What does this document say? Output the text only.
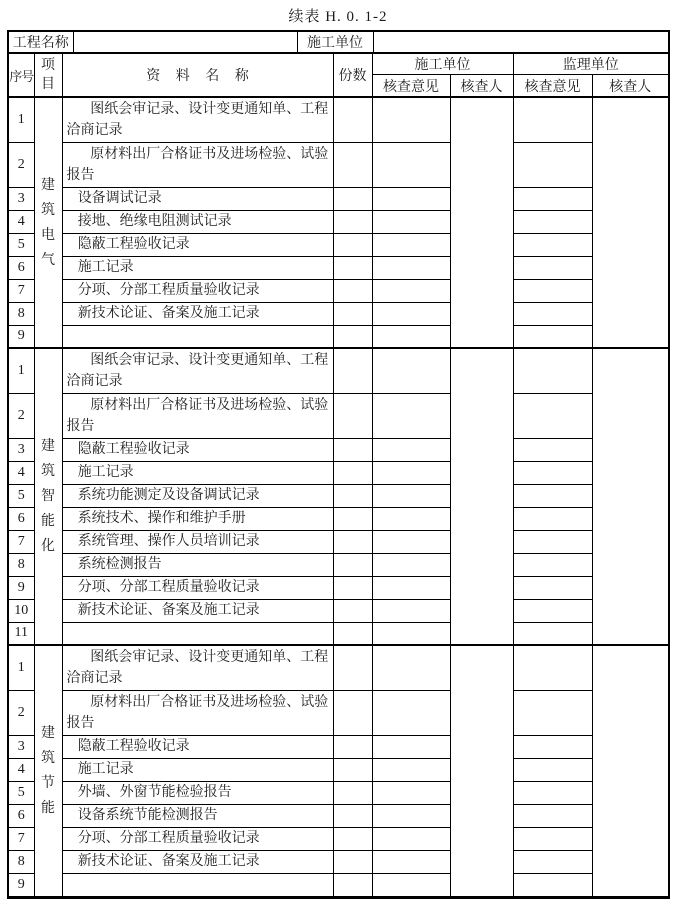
续表 H. 0. 1-2
工程名称		施工单位	
序号	项目	资 料 名 称	份数	施工单位		监理单位	
				核查意见	核查人	核查意见	核查人
1	建筑电气	图纸会审记录、设计变更通知单、工程洽商记录					
2		原材料出厂合格证书及进场检验、试验报告					
3		设备调试记录					
4		接地、绝缘电阻测试记录					
5		隐蔽工程验收记录					
6		施工记录					
7		分项、分部工程质量验收记录					
8		新技术论证、备案及施工记录					
9							
1	建筑智能化	图纸会审记录、设计变更通知单、工程洽商记录					
2		原材料出厂合格证书及进场检验、试验报告					
3		隐蔽工程验收记录					
4		施工记录					
5		系统功能测定及设备调试记录					
6		系统技术、操作和维护手册					
7		系统管理、操作人员培训记录					
8		系统检测报告					
9		分项、分部工程质量验收记录					
10		新技术论证、备案及施工记录					
11							
1	建筑节能	图纸会审记录、设计变更通知单、工程洽商记录					
2		原材料出厂合格证书及进场检验、试验报告					
3		隐蔽工程验收记录					
4		施工记录					
5		外墙、外窗节能检验报告					
6		设备系统节能检测报告					
7		分项、分部工程质量验收记录					
8		新技术论证、备案及施工记录					
9							
